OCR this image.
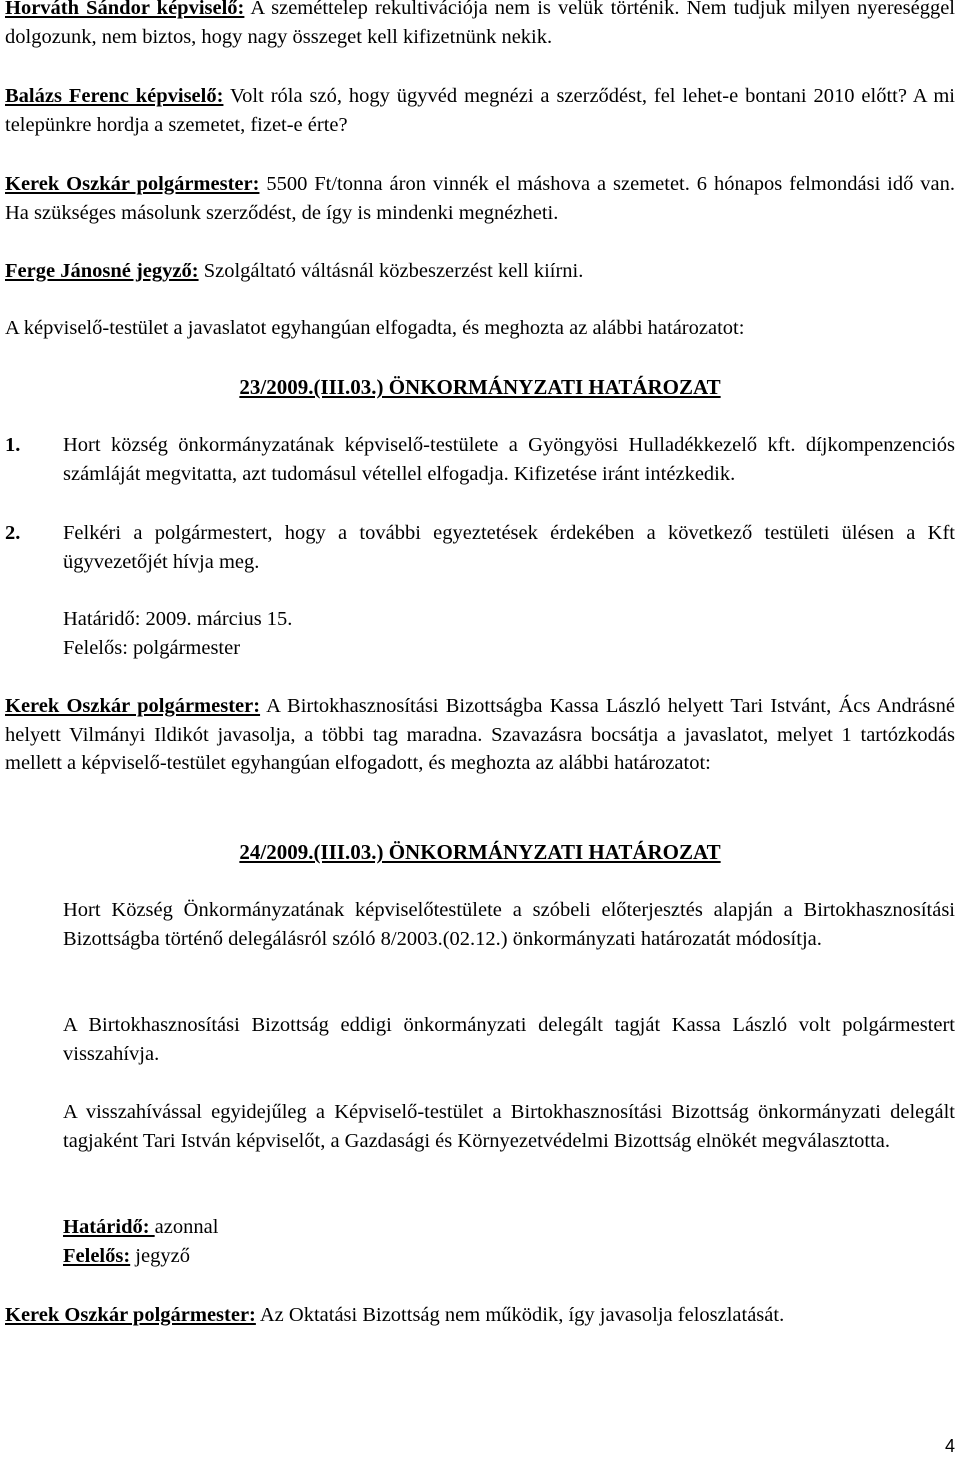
Horváth Sándor képviselő: A szeméttelep rekultivációja nem is velük történik. Nem tudjuk milyen nyereséggel dolgozunk, nem biztos, hogy nagy összeget kell kifizetnünk nekik.
Balázs Ferenc képviselő: Volt róla szó, hogy ügyvéd megnézi a szerződést, fel lehet-e bontani 2010 előtt? A mi telepünkre hordja a szemetet, fizet-e érte?
Kerek Oszkár polgármester: 5500 Ft/tonna áron vinnék el máshova a szemetet. 6 hónapos felmondási idő van. Ha szükséges másolunk szerződést, de így is mindenki megnézheti.
Ferge Jánosné jegyző: Szolgáltató váltásnál közbeszerzést kell kiírni.
A képviselő-testület a javaslatot egyhangúan elfogadta, és meghozta az alábbi határozatot:
23/2009.(III.03.) ÖNKORMÁNYZATI HATÁROZAT
1.	Hort község önkormányzatának képviselő-testülete a Gyöngyösi Hulladékkezelő kft. díjkompenzenciós számláját megvitatta, azt tudomásul vétellel elfogadja. Kifizetése iránt intézkedik.
2.	Felkéri a polgármestert, hogy a további egyeztetések érdekében a következő testületi ülésen a Kft ügyvezetőjét hívja meg.
Határidő: 2009. március 15.
Felelős: polgármester
Kerek Oszkár polgármester: A Birtokhasznosítási Bizottságba Kassa László helyett Tari Istvánt, Ács Andrásné helyett Vilmányi Ildikót javasolja, a többi tag maradna. Szavazásra bocsátja a javaslatot, melyet 1 tartózkodás mellett a képviselő-testület egyhangúan elfogadott, és meghozta az alábbi határozatot:
24/2009.(III.03.) ÖNKORMÁNYZATI HATÁROZAT
Hort Község Önkormányzatának képviselőtestülete a szóbeli előterjesztés alapján a Birtokhasznosítási Bizottságba történő delegálásról szóló 8/2003.(02.12.) önkormányzati határozatát módosítja.
A Birtokhasznosítási Bizottság eddigi önkormányzati delegált tagját Kassa László volt polgármestert visszahívja.
A visszahívással egyidejűleg a Képviselő-testület a Birtokhasznosítási Bizottság önkormányzati delegált tagjaként Tari István képviselőt, a Gazdasági és Környezetvédelmi Bizottság elnökét megválasztotta.
Határidő: azonnal
Felelős: jegyző
Kerek Oszkár polgármester: Az Oktatási Bizottság nem működik, így javasolja feloszlatását.
4
